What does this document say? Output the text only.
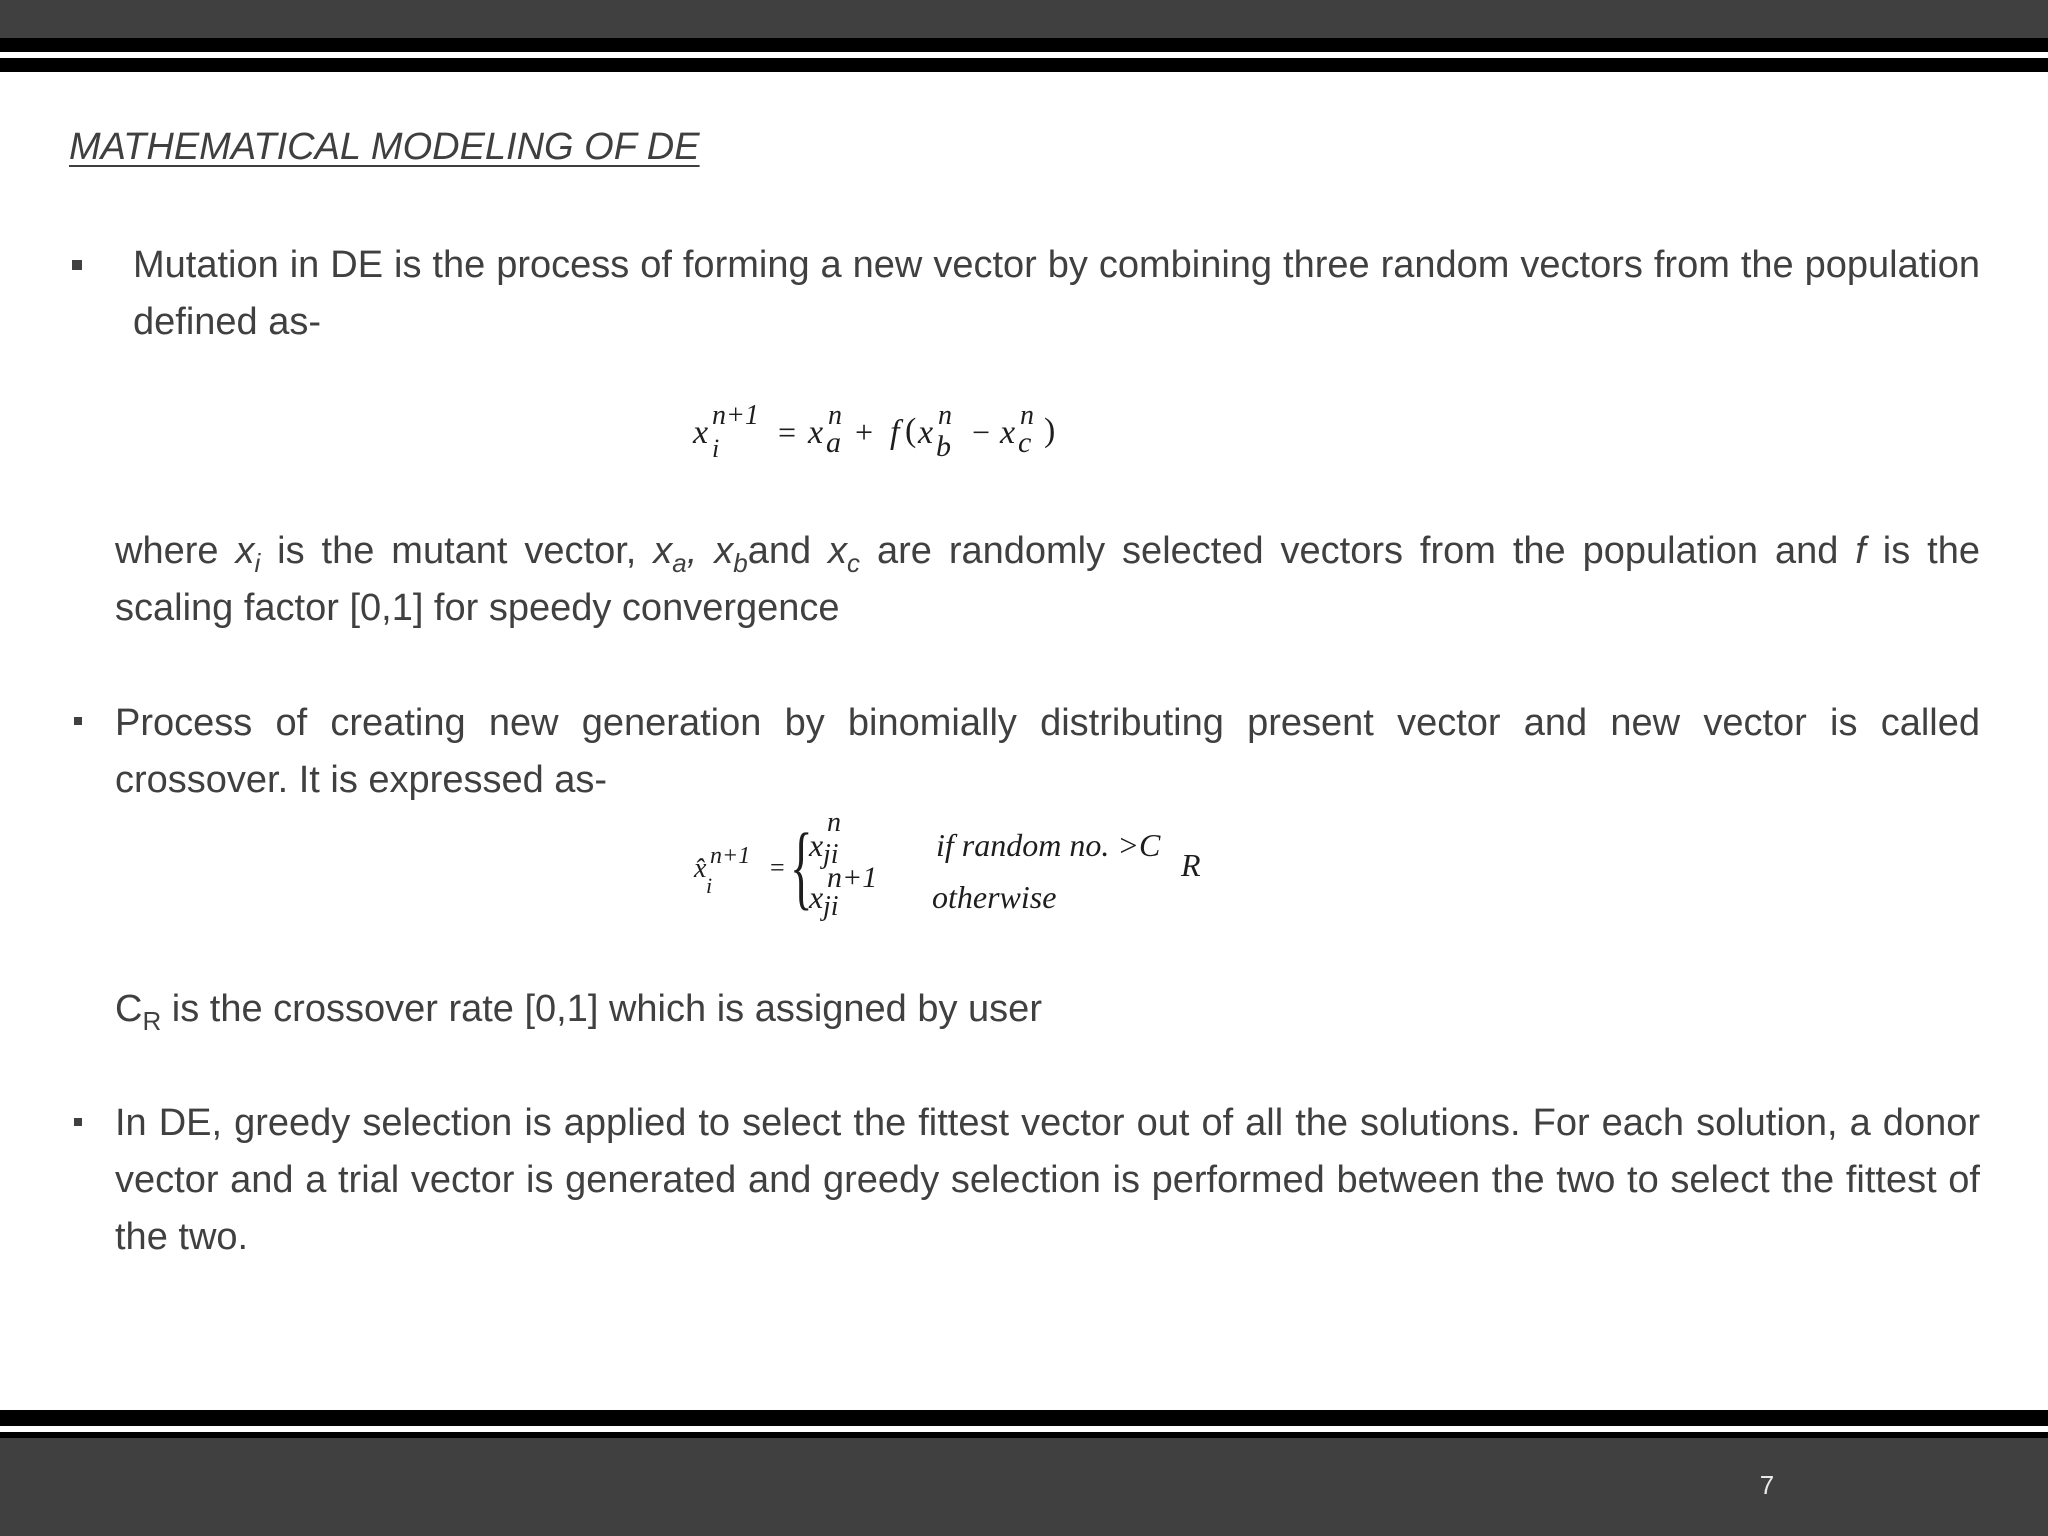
MATHEMATICAL MODELING OF DE

Mutation in DE is the process of forming a new vector by combining three random vectors from the population defined as-

x i
n+1 = x a
n + f ( x b
n − x c
n )

where $x_i$ is the mutant vector, $x_a$, $x_band$ $x_c$ are randomly selected vectors from the population and f is the scaling factor [0,1] for speedy convergence

Process of creating new generation by binomially distributing present vector and new vector is called crossover. It is expressed as-

x̂
i
n+1 = {
x ji
n
if random no. >C
R
x ji
n+1
otherwise

$C_R$ is the crossover rate [0,1] which is assigned by user

In DE, greedy selection is applied to select the fittest vector out of all the solutions. For each solution, a donor vector and a trial vector is generated and greedy selection is performed between the two to select the fittest of the two.

7
